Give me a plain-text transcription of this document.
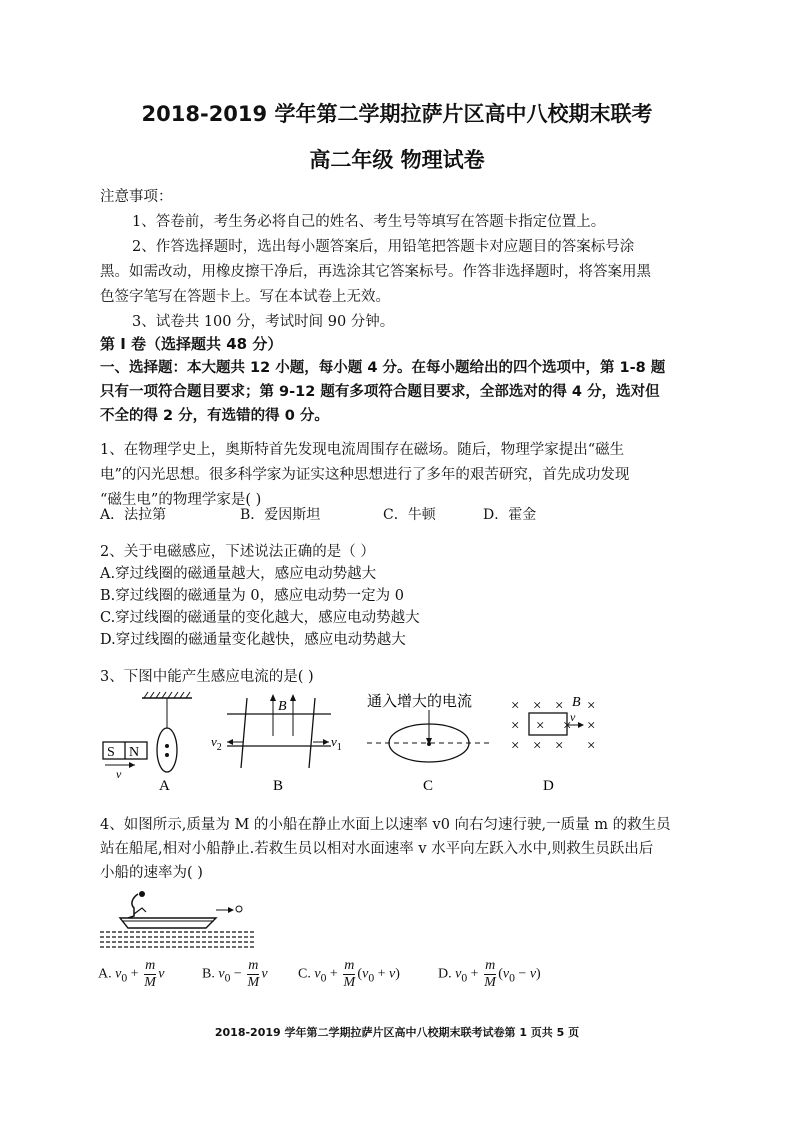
2018-2019 学年第二学期拉萨片区高中八校期末联考
高二年级 物理试卷
注意事项：
1、答卷前，考生务必将自己的姓名、考生号等填写在答题卡指定位置上。
2、作答选择题时，选出每小题答案后，用铅笔把答题卡对应题目的答案标号涂
黑。如需改动，用橡皮擦干净后，再选涂其它答案标号。作答非选择题时，将答案用黑
色签字笔写在答题卡上。写在本试卷上无效。
3、试卷共 100 分，考试时间 90 分钟。
第 I 卷（选择题共 48 分）
一、选择题：本大题共 12 小题，每小题 4 分。在每小题给出的四个选项中，第 1-8 题
只有一项符合题目要求；第 9-12 题有多项符合题目要求，全部选对的得 4 分，选对但
不全的得 2 分，有选错的得 0 分。
1、在物理学史上，奥斯特首先发现电流周围存在磁场。随后，物理学家提出“磁生
电”的闪光思想。很多科学家为证实这种思想进行了多年的艰苦研究，首先成功发现
“磁生电”的物理学家是( )
A．法拉第	B．爱因斯坦	C．牛顿	D．霍金
2、关于电磁感应，下述说法正确的是（ ）
A.穿过线圈的磁通量越大，感应电动势越大
B.穿过线圈的磁通量为 0，感应电动势一定为 0
C.穿过线圈的磁通量的变化越大，感应电动势越大
D.穿过线圈的磁通量变化越快，感应电动势越大
3、下图中能产生感应电流的是( )
S N
v
A
B
$v_2$	$v_1$
B
通入增大的电流
C
× × × ×
×	× ×
× × × ×
×
B
v
D
4、如图所示,质量为 M 的小船在静止水面上以速率 v0 向右匀速行驶,一质量 m 的救生员
站在船尾,相对小船静止.若救生员以相对水面速率 v 水平向左跃入水中,则救生员跃出后
小船的速率为( )
A. $v_0 + \frac{m}{M}$ v	B. $v_0 - \frac{m}{M}$ v C. $v_0 + \frac{m}{M} (v_0 + v)$	D. $v_0 + \frac{m}{M} (v_0 - v)$
2018-2019 学年第二学期拉萨片区高中八校期末联考试卷第 1 页共 5 页
